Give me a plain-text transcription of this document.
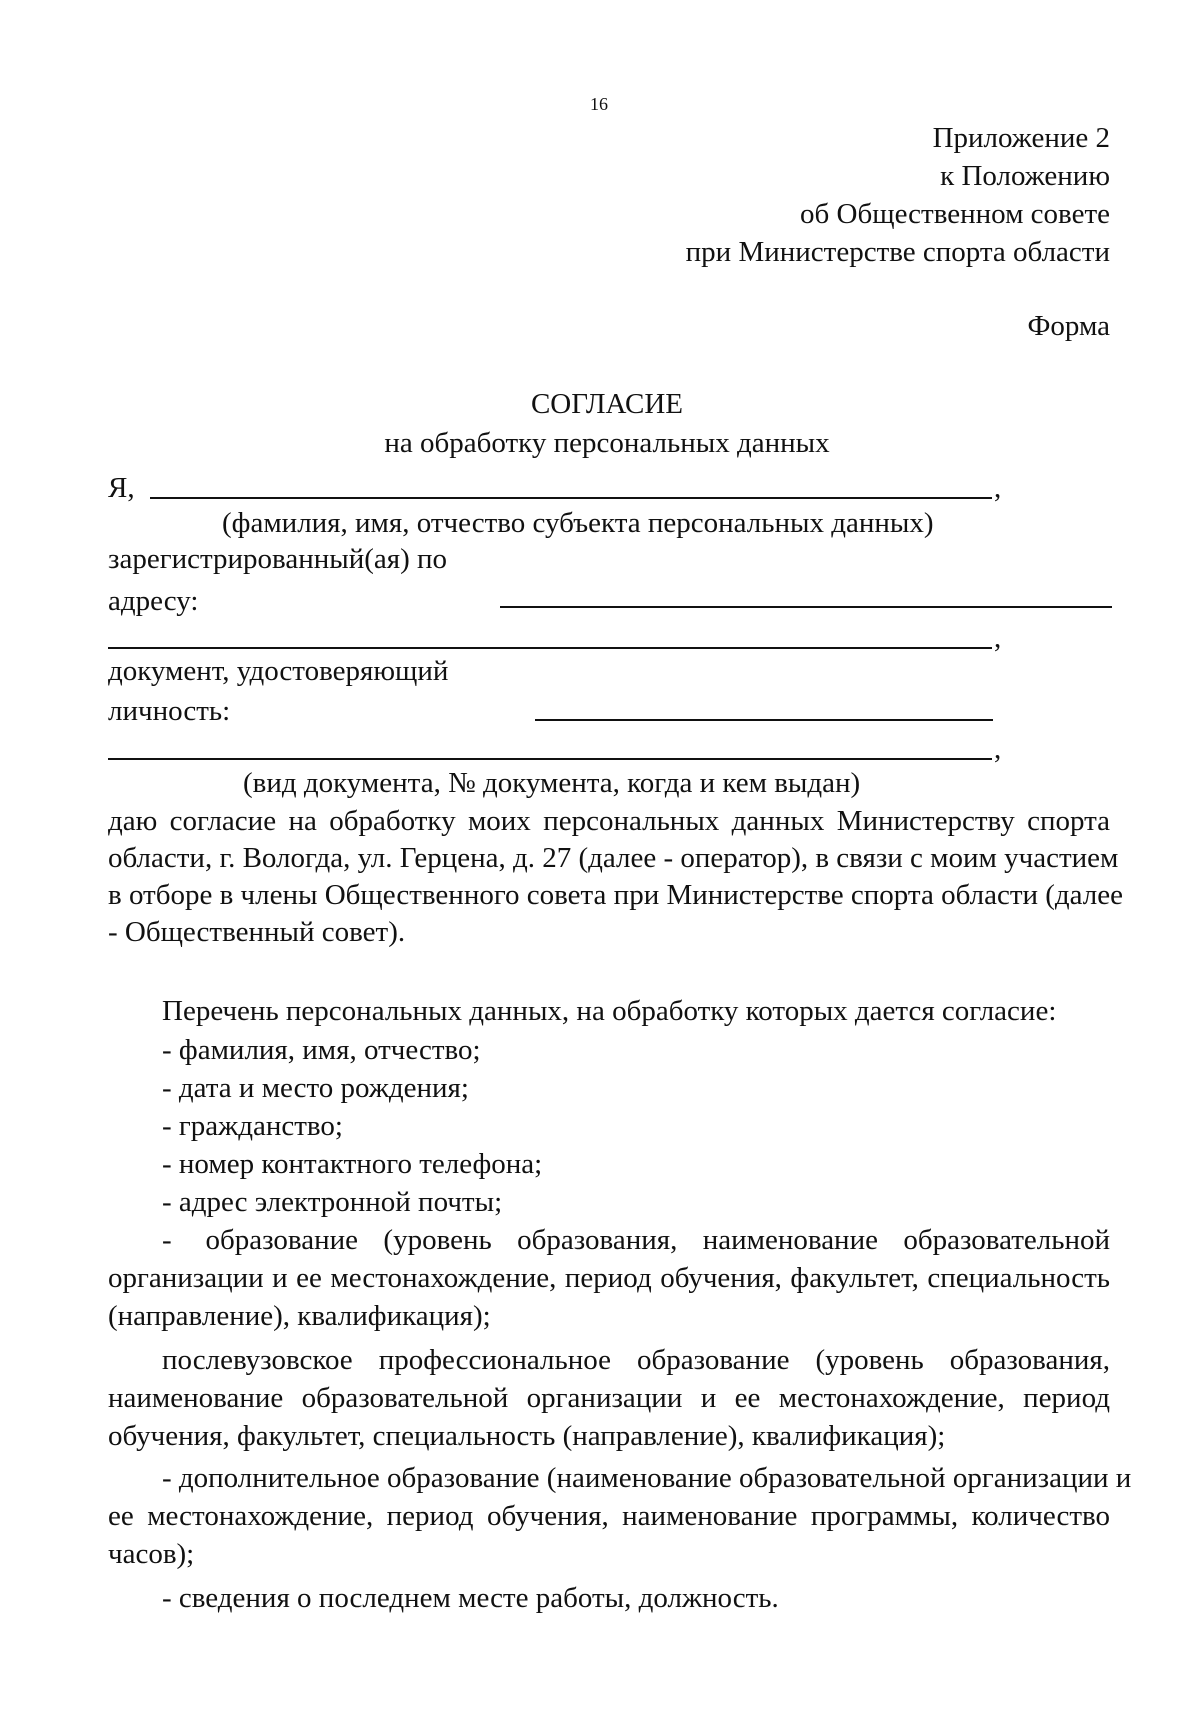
16
Приложение 2
к Положению
об Общественном совете
при Министерстве спорта области
Форма
СОГЛАСИЕ
на обработку персональных данных
Я,	,
(фамилия, имя, отчество субъекта персональных данных)
зарегистрированный(ая) по
адресу:
,
документ, удостоверяющий
личность:
,
(вид документа, № документа, когда и кем выдан)
даю согласие на обработку моих персональных данных Министерству спорта
области, г. Вологда, ул. Герцена, д. 27 (далее - оператор), в связи с моим участием
в отборе в члены Общественного совета при Министерстве спорта области (далее
- Общественный совет).
Перечень персональных данных, на обработку которых дается согласие:
- фамилия, имя, отчество;
- дата и место рождения;
- гражданство;
- номер контактного телефона;
- адрес электронной почты;
-    образование   (уровень   образования,   наименование   образовательной
организации и ее местонахождение, период обучения, факультет, специальность
(направление), квалификация);
послевузовское профессиональное образование (уровень образования,
наименование образовательной организации и ее местонахождение, период
обучения, факультет, специальность (направление), квалификация);
- дополнительное образование (наименование образовательной организации и
ее местонахождение, период обучения, наименование программы, количество
часов);
- сведения о последнем месте работы, должность.
